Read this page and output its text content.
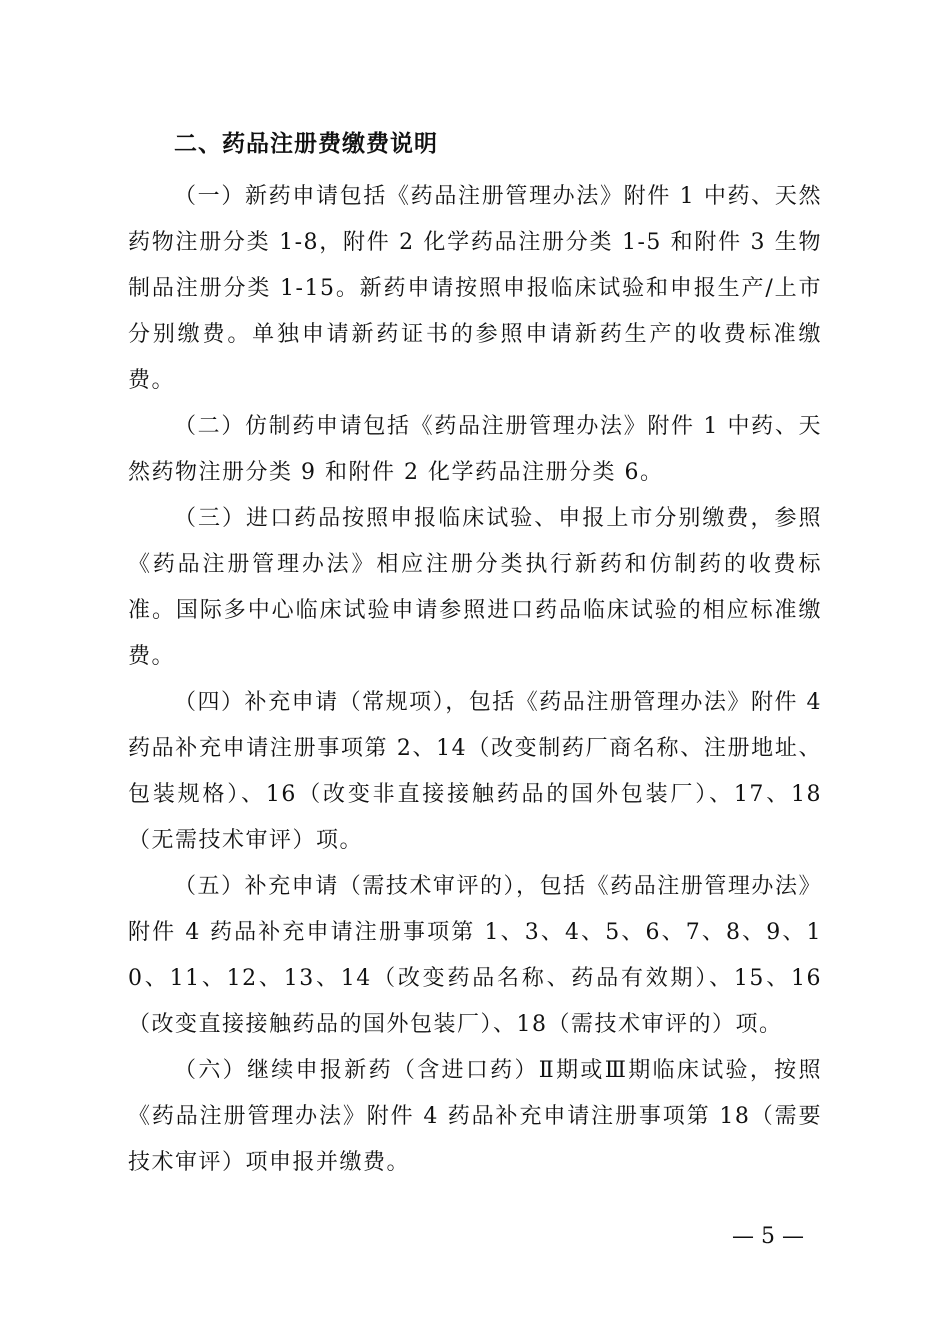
二、药品注册费缴费说明

（一）新药申请包括《药品注册管理办法》附件 1 中药、天然药物注册分类 1-8，附件 2 化学药品注册分类 1-5 和附件 3 生物制品注册分类 1-15。新药申请按照申报临床试验和申报生产/上市分别缴费。单独申请新药证书的参照申请新药生产的收费标准缴费。

（二）仿制药申请包括《药品注册管理办法》附件 1 中药、天然药物注册分类 9 和附件 2 化学药品注册分类 6。

（三）进口药品按照申报临床试验、申报上市分别缴费，参照《药品注册管理办法》相应注册分类执行新药和仿制药的收费标准。国际多中心临床试验申请参照进口药品临床试验的相应标准缴费。

（四）补充申请（常规项），包括《药品注册管理办法》附件 4 药品补充申请注册事项第 2、14（改变制药厂商名称、注册地址、包装规格）、16（改变非直接接触药品的国外包装厂）、17、18（无需技术审评）项。

（五）补充申请（需技术审评的），包括《药品注册管理办法》附件 4 药品补充申请注册事项第 1、3、4、5、6、7、8、9、10、11、12、13、14（改变药品名称、药品有效期）、15、16（改变直接接触药品的国外包装厂）、18（需技术审评的）项。

（六）继续申报新药（含进口药）Ⅱ期或Ⅲ期临床试验，按照《药品注册管理办法》附件 4 药品补充申请注册事项第 18（需要技术审评）项申报并缴费。

— 5 —
